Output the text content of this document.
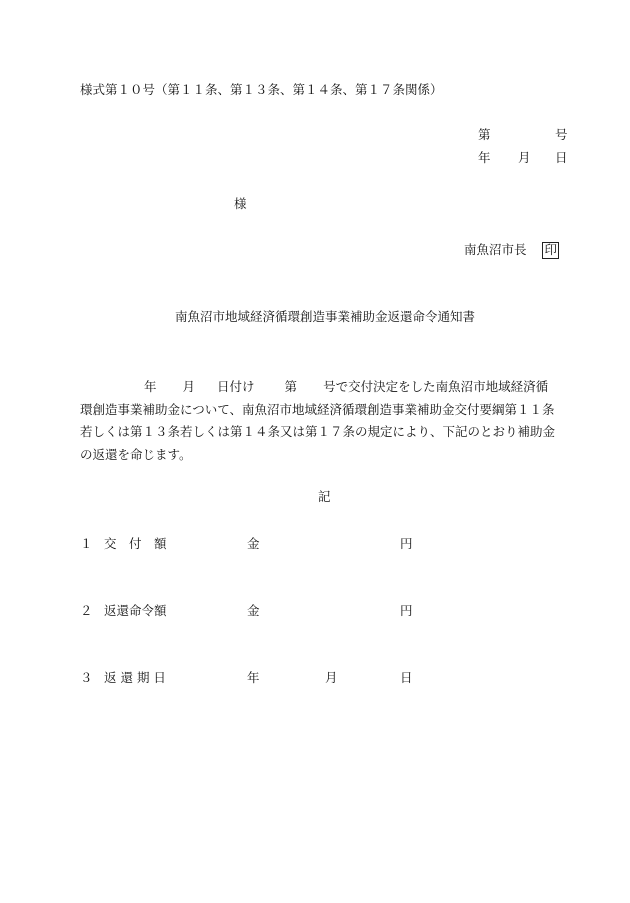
様式第１０号（第１１条、第１３条、第１４条、第１７条関係）
第	号
年 月 日
様
南魚沼市長 印
南魚沼市地域経済循環創造事業補助金返還命令通知書
年 月 日付け 第 号で交付決定をした南魚沼市地域経済循
環創造事業補助金について、南魚沼市地域経済循環創造事業補助金交付要綱第１１条
若しくは第１３条若しくは第１４条又は第１７条の規定により、下記のとおり補助金
の返還を命じます。
記
１ 交　付　額	金	円
２ 返還命令額	金	円
３ 返 還 期 日	年	月	日
